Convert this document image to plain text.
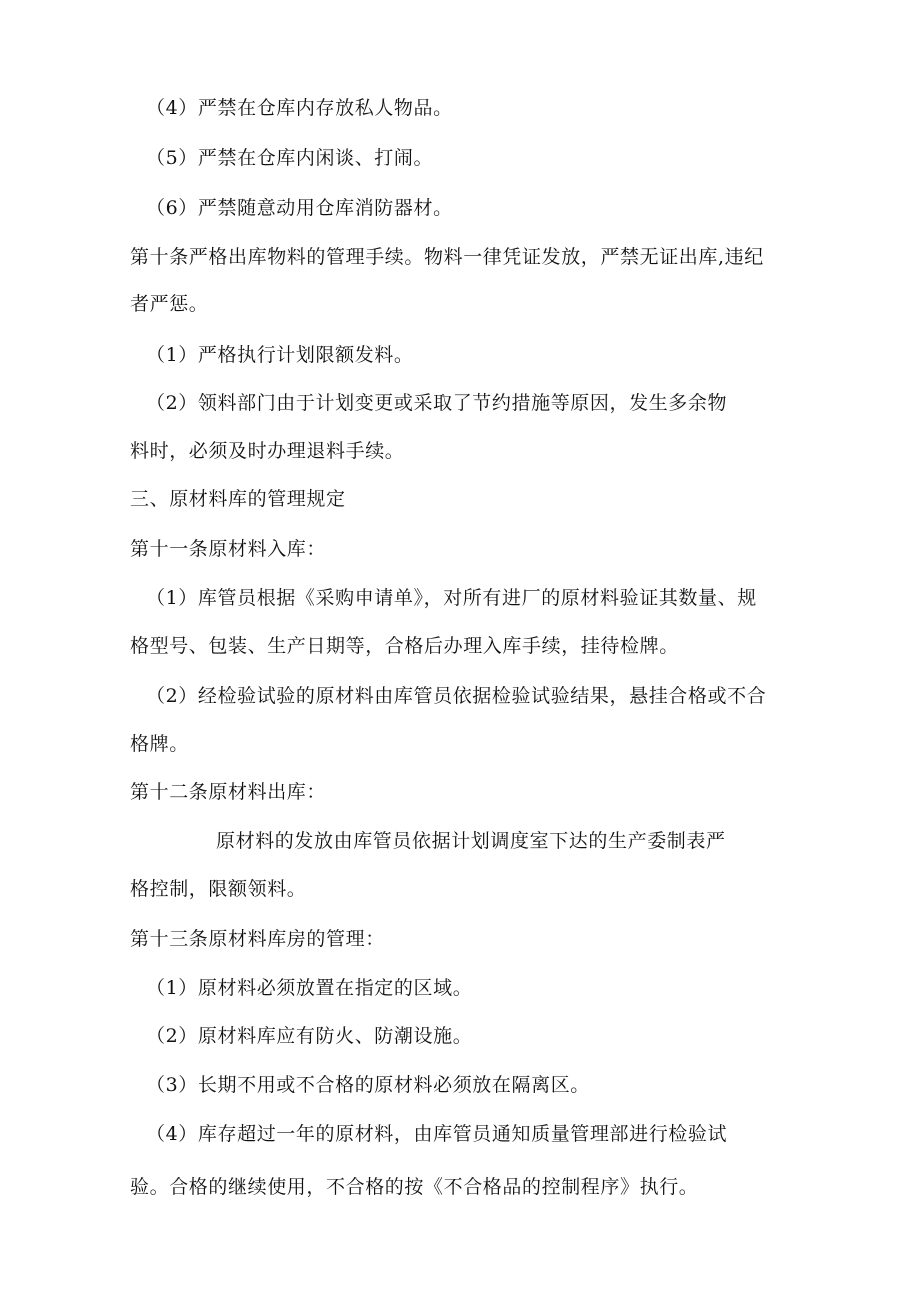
（4）严禁在仓库内存放私人物品。
（5）严禁在仓库内闲谈、打闹。
（6）严禁随意动用仓库消防器材。
第十条严格出库物料的管理手续。物料一律凭证发放，严禁无证出库,违纪
者严惩。
（1）严格执行计划限额发料。
（2）领料部门由于计划变更或采取了节约措施等原因，发生多余物
料时，必须及时办理退料手续。
三、原材料库的管理规定
第十一条原材料入库：
（1）库管员根据《采购申请单》，对所有进厂的原材料验证其数量、规
格型号、包装、生产日期等，合格后办理入库手续，挂待检牌。
（2）经检验试验的原材料由库管员依据检验试验结果，悬挂合格或不合
格牌。
第十二条原材料出库：
原材料的发放由库管员依据计划调度室下达的生产委制表严
格控制，限额领料。
第十三条原材料库房的管理：
（1）原材料必须放置在指定的区域。
（2）原材料库应有防火、防潮设施。
（3）长期不用或不合格的原材料必须放在隔离区。
（4）库存超过一年的原材料，由库管员通知质量管理部进行检验试
验。合格的继续使用，不合格的按《不合格品的控制程序》执行。
